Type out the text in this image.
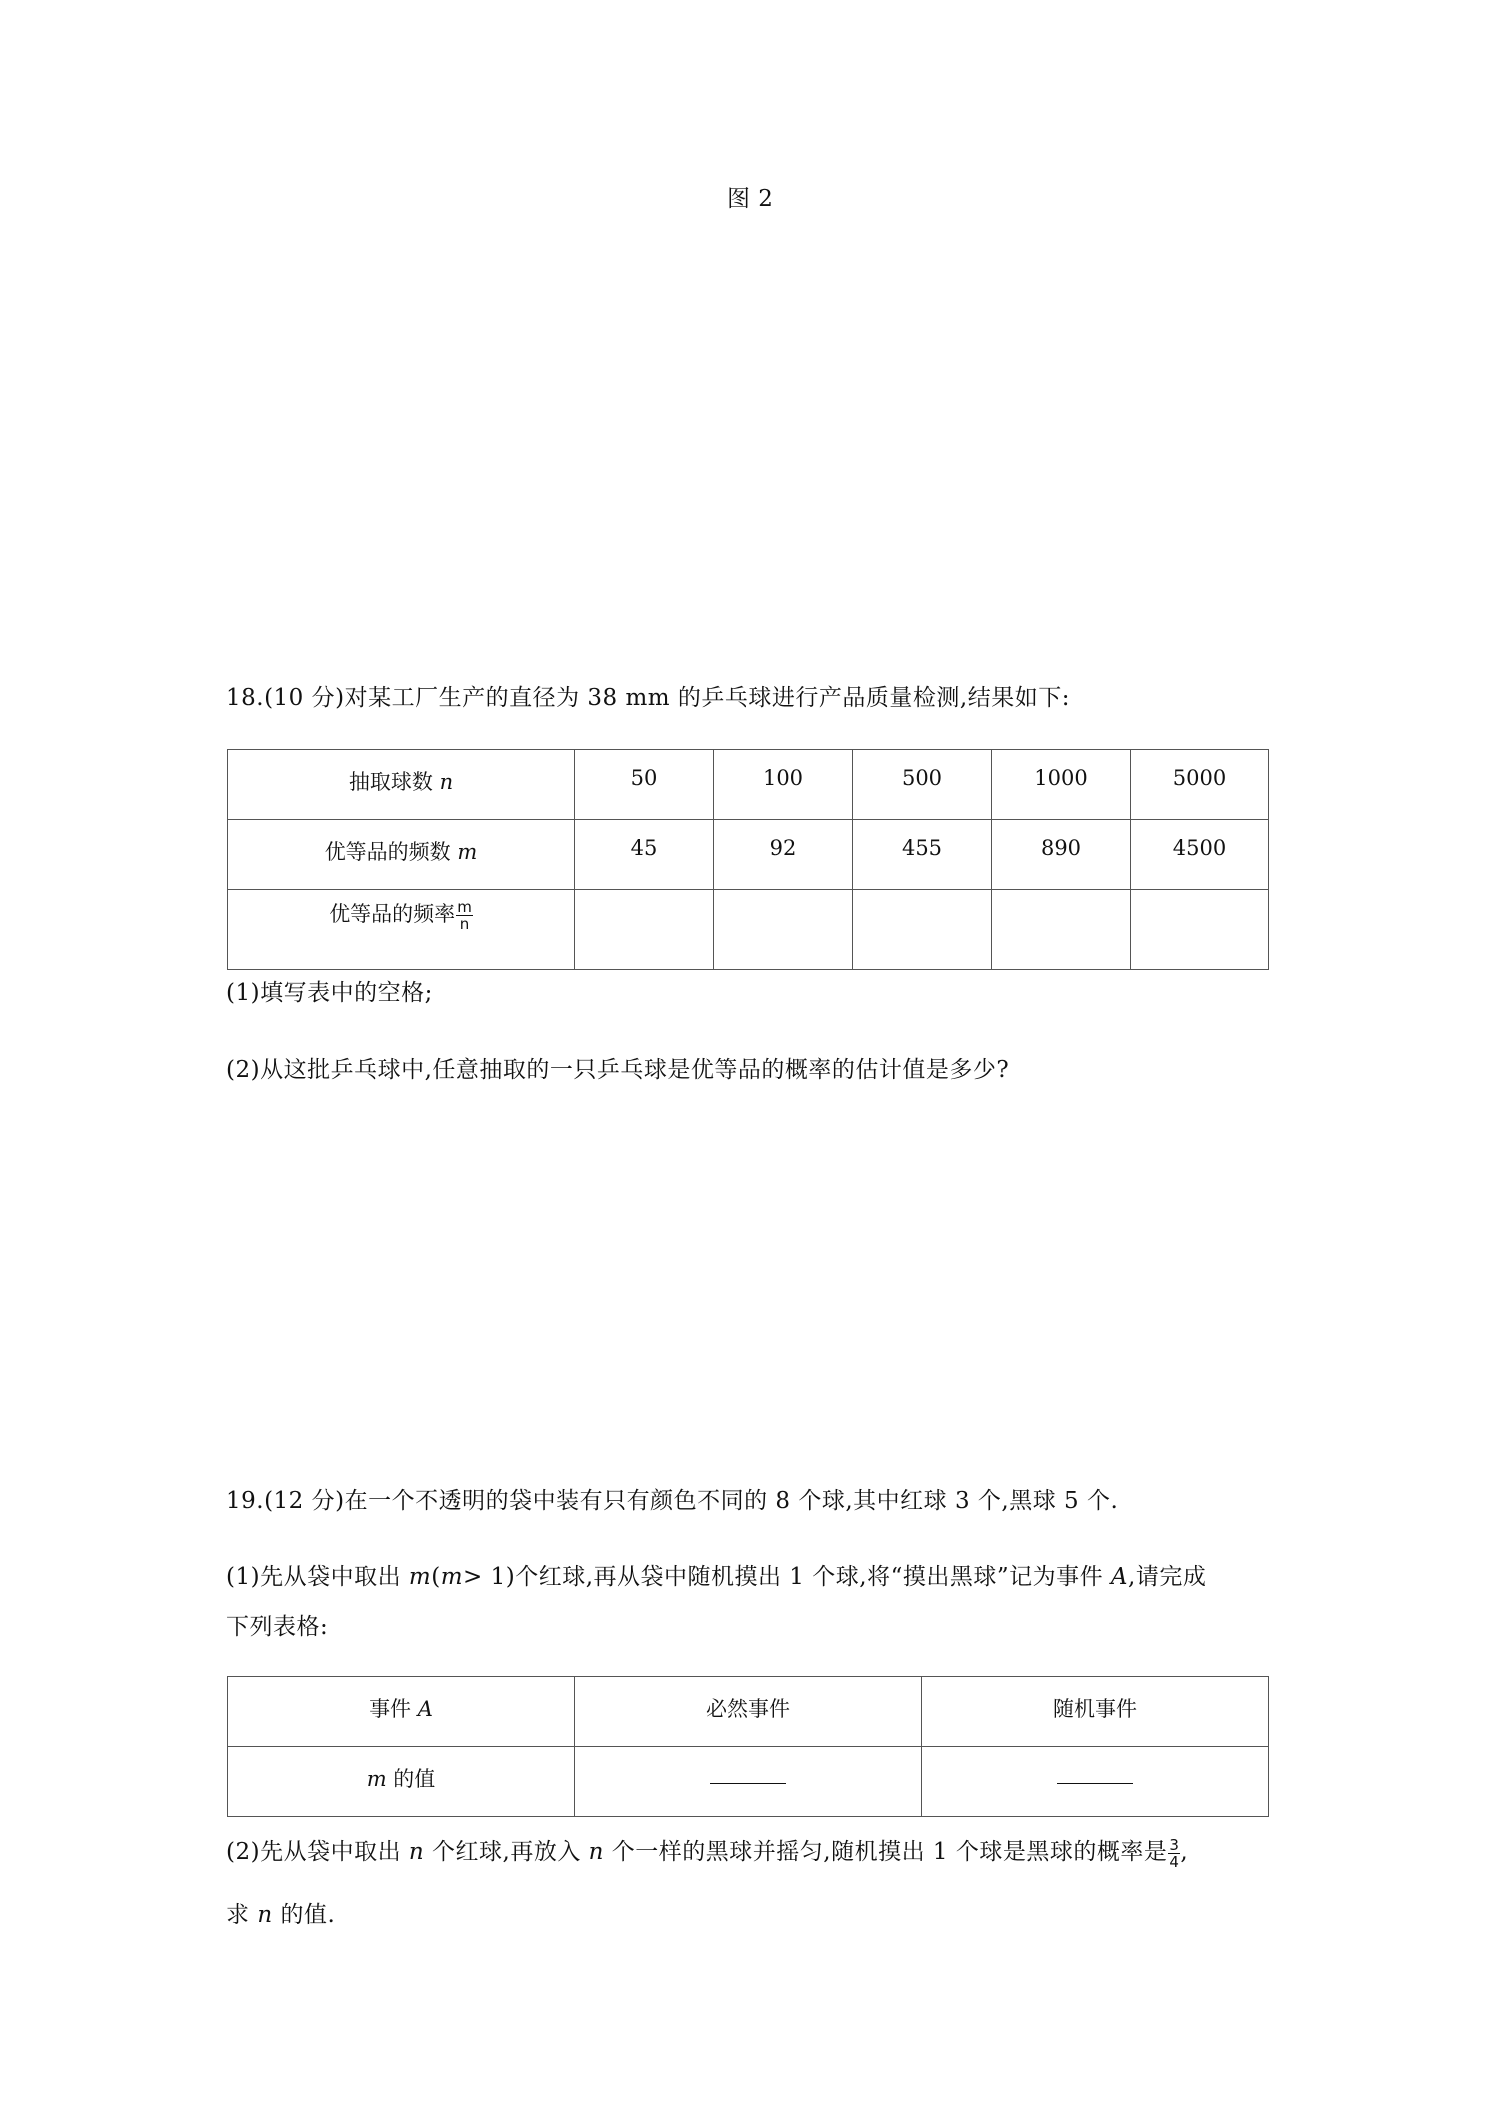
图 2
18.(10 分)对某工厂生产的直径为 38 mm 的乒乓球进行产品质量检测,结果如下:
抽取球数 n	50	100	500	1000	5000
优等品的频数 m	45	92	455	890	4500
优等品的频率 $\frac{m}{n}$

(1)填写表中的空格;
(2)从这批乒乓球中,任意抽取的一只乒乓球是优等品的概率的估计值是多少?
19.(12 分)在一个不透明的袋中装有只有颜色不同的 8 个球,其中红球 3 个,黑球 5 个.
(1)先从袋中取出 m(m> 1)个红球,再从袋中随机摸出 1 个球,将“摸出黑球”记为事件 A,请完成
下列表格:
事件 A	必然事件	随机事件
m 的值		
(2)先从袋中取出 n 个红球,再放入 n 个一样的黑球并摇匀,随机摸出 1 个球是黑球的概率是 $\frac{3}{4}$ ,
求 n 的值.
